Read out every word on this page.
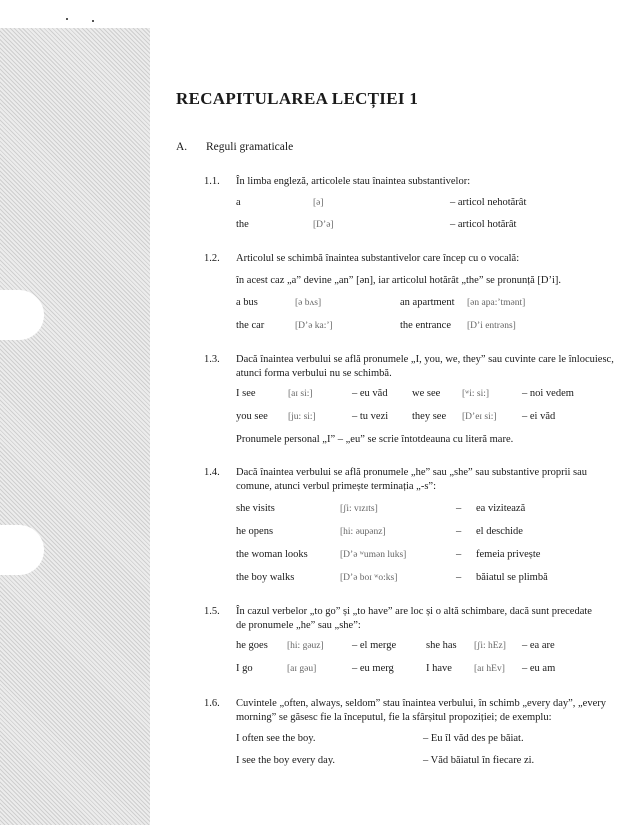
RECAPITULAREA LECȚIEI 1
A. Reguli gramaticale
1.1. În limba engleză, articolele stau înaintea substantivelor:
a	[ə]	– articol nehotărât
the	[Dʼə]	– articol hotărât
1.2. Articolul se schimbă înaintea substantivelor care încep cu o vocală:
în acest caz „a” devine „an” [ən], iar articolul hotărât „the” se pronunță [Dʼi].
a bus	[ə bʌs]	an apartment [ən apa:ʼtmənt]
the car	[Dʼə ka:ʼ]	the entrance [Dʼi entrəns]
1.3. Dacă înaintea verbului se află pronumele „I, you, we, they” sau cuvinte care le înlocuiesc,
atunci forma verbului nu se schimbă.
I see	[aɪ si:]	– eu văd we see [ʷi: si:]	– noi vedem
you see [ju: si:]	– tu vezi they see [Dʼeɪ si:] – ei văd
Pronumele personal „I” – „eu” se scrie întotdeauna cu literă mare.
1.4. Dacă înaintea verbului se află pronumele „he” sau „she” sau substantive proprii sau
comune, atunci verbul primește terminația „-s”:
she visits	[ʃi: vɪzɪts]	– ea vizitează
he opens	[hi: əupənz]	– el deschide
the woman looks	[Dʼə ʷumən luks]	– femeia privește
the boy walks	[Dʼə boɪ ʷo:ks]	– băiatul se plimbă
1.5. În cazul verbelor „to go” și „to have” are loc și o altă schimbare, dacă sunt precedate
de pronumele „he” sau „she”:
he goes [hi: gəuz]	– el merge	she has [ʃi: hEz] – ea are
I go	[aɪ gəu]	– eu merg	I have [aɪ hEv] – eu am
1.6. Cuvintele „often, always, seldom” stau înaintea verbului, în schimb „every day”, „every
morning” se găsesc fie la începutul, fie la sfârșitul propoziției; de exemplu:
I often see the boy.	– Eu îl văd des pe băiat.
I see the boy every day.	– Văd băiatul în fiecare zi.
